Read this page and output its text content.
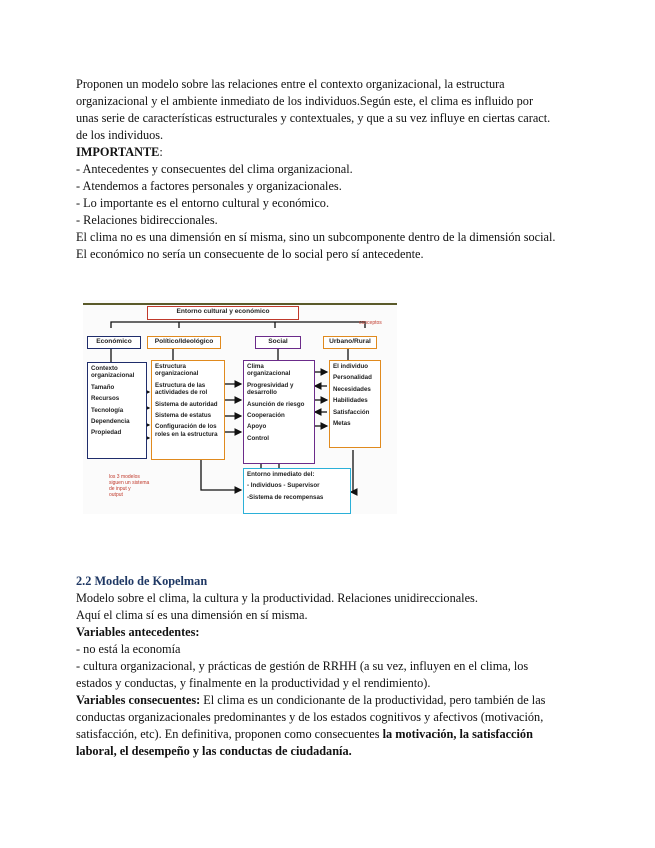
Proponen un modelo sobre las relaciones entre el contexto organizacional, la estructura
organizacional y el ambiente inmediato de los individuos.Según este, el clima es influido por
unas serie de características estructurales y contextuales, y que a su vez influye en ciertas caract.
de los individuos.
IMPORTANTE:
- Antecedentes y consecuentes del clima organizacional.
- Atendemos a factores personales y organizacionales.
- Lo importante es el entorno cultural y económico.
- Relaciones bidireccionales.
El clima no es una dimensión en sí misma, sino un subcomponente dentro de la dimensión social.
El económico no sería un consecuente de lo social pero sí antecedente.
Entorno cultural y económico
conceptos
Económico	Político/Ideológico	Social	Urbano/Rural
Contexto
organizacional
Tamaño
Recursos
Tecnología
Dependencia
Propiedad
Estructura
organizacional
Estructura de las
actividades de rol
Sistema de autoridad
Sistema de estatus
Configuración de los
roles en la estructura
Clima
organizacional
Progresividad y
desarrollo
Asunción de riesgo
Cooperación
Apoyo
Control
El individuo
Personalidad
Necesidades
Habilidades
Satisfacción
Metas
Entorno inmediato del:
- Individuos - Supervisor
-Sistema de recompensas
los 3 modelos
siguen un sistema
de input y
output
2.2 Modelo de Kopelman
Modelo sobre el clima, la cultura y la productividad. Relaciones unidireccionales.
Aquí el clima sí es una dimensión en sí misma.
Variables antecedentes:
- no está la economía
- cultura organizacional, y prácticas de gestión de RRHH (a su vez, influyen en el clima, los
estados y conductas, y finalmente en la productividad y el rendimiento).
Variables consecuentes: El clima es un condicionante de la productividad, pero también de las
conductas organizacionales predominantes y de los estados cognitivos y afectivos (motivación,
satisfacción, etc). En definitiva, proponen como consecuentes la motivación, la satisfacción
laboral, el desempeño y las conductas de ciudadanía.
